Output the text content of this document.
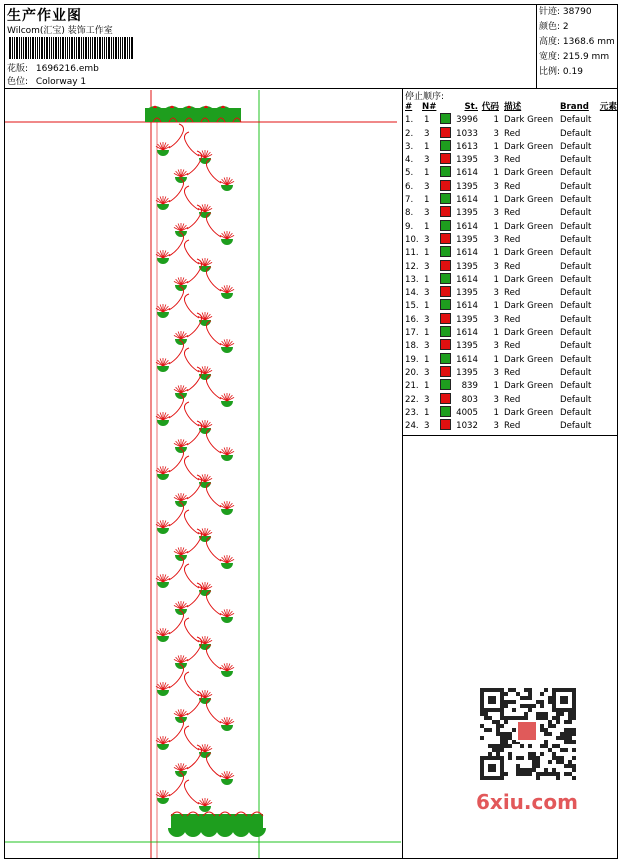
生产作业图
Wilcom(汇宝) 装饰工作室
花版: 1696216.emb
色位: Colorway 1
针迹: 38790
颜色: 2
高度: 1368.6 mm
宽度: 215.9 mm
比例: 0.19
停止顺序:
#	N#		St.	代码	描述	Brand	元素
1.	1		3996	1	Dark Green	Default	
2.	3		1033	3	Red	Default	
3.	1		1613	1	Dark Green	Default	
4.	3		1395	3	Red	Default	
5.	1		1614	1	Dark Green	Default	
6.	3		1395	3	Red	Default	
7.	1		1614	1	Dark Green	Default	
8.	3		1395	3	Red	Default	
9.	1		1614	1	Dark Green	Default	
10.	3		1395	3	Red	Default	
11.	1		1614	1	Dark Green	Default	
12.	3		1395	3	Red	Default	
13.	1		1614	1	Dark Green	Default	
14.	3		1395	3	Red	Default	
15.	1		1614	1	Dark Green	Default	
16.	3		1395	3	Red	Default	
17.	1		1614	1	Dark Green	Default	
18.	3		1395	3	Red	Default	
19.	1		1614	1	Dark Green	Default	
20.	3		1395	3	Red	Default	
21.	1		839	1	Dark Green	Default	
22.	3		803	3	Red	Default	
23.	1		4005	1	Dark Green	Default	
24.	3		1032	3	Red	Default	
6xiu.com
